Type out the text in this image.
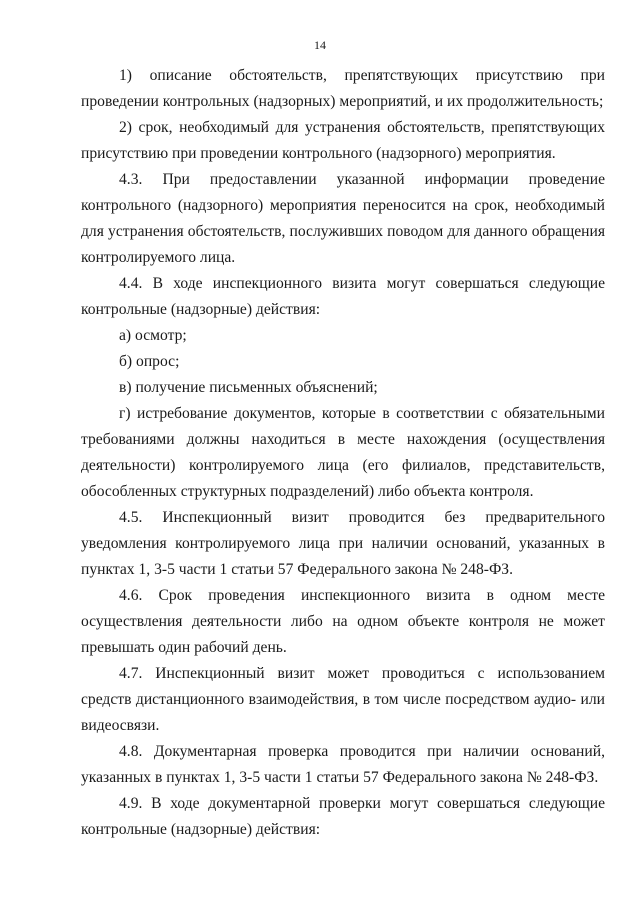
14

1) описание обстоятельств, препятствующих присутствию при проведении контрольных (надзорных) мероприятий, и их продолжительность;

2) срок, необходимый для устранения обстоятельств, препятствующих присутствию при проведении контрольного (надзорного) мероприятия.

4.3. При предоставлении указанной информации проведение контрольного (надзорного) мероприятия переносится на срок, необходимый для устранения обстоятельств, послуживших поводом для данного обращения контролируемого лица.

4.4. В ходе инспекционного визита могут совершаться следующие контрольные (надзорные) действия:

а) осмотр;

б) опрос;

в) получение письменных объяснений;

г) истребование документов, которые в соответствии с обязательными требованиями должны находиться в месте нахождения (осуществления деятельности) контролируемого лица (его филиалов, представительств, обособленных структурных подразделений) либо объекта контроля.

4.5. Инспекционный визит проводится без предварительного уведомления контролируемого лица при наличии оснований, указанных в пунктах 1, 3-5 части 1 статьи 57 Федерального закона № 248-ФЗ.

4.6. Срок проведения инспекционного визита в одном месте осуществления деятельности либо на одном объекте контроля не может превышать один рабочий день.

4.7. Инспекционный визит может проводиться с использованием средств дистанционного взаимодействия, в том числе посредством аудио- или видеосвязи.

4.8. Документарная проверка проводится при наличии оснований, указанных в пунктах 1, 3-5 части 1 статьи 57 Федерального закона № 248-ФЗ.

4.9. В ходе документарной проверки могут совершаться следующие контрольные (надзорные) действия:
